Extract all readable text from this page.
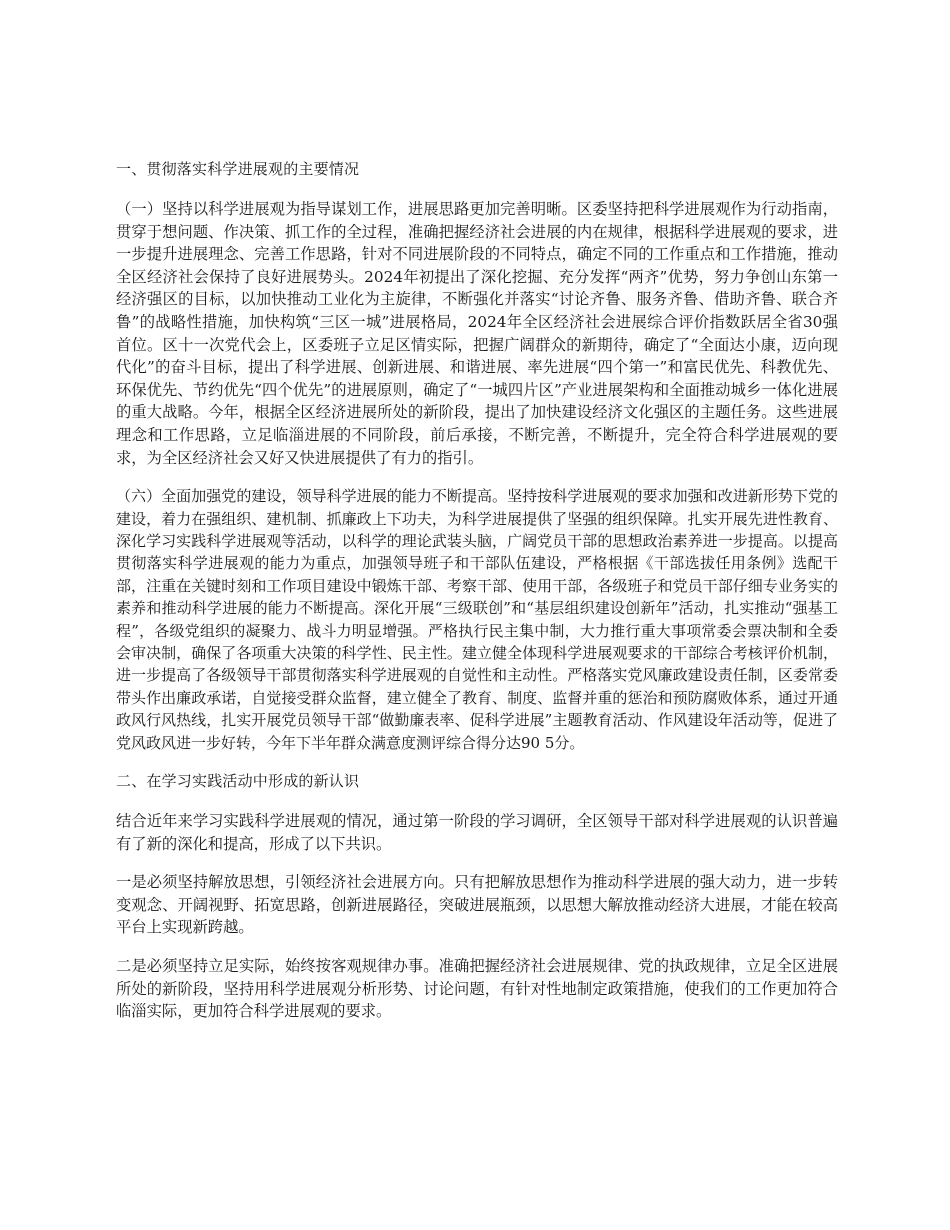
一、贯彻落实科学进展观的主要情况
（一）坚持以科学进展观为指导谋划工作，进展思路更加完善明晰。区委坚持把科学进展观作为行动指南，贯穿于想问题、作决策、抓工作的全过程，准确把握经济社会进展的内在规律，根据科学进展观的要求，进一步提升进展理念、完善工作思路，针对不同进展阶段的不同特点，确定不同的工作重点和工作措施，推动全区经济社会保持了良好进展势头。2024年初提出了深化挖掘、充分发挥“两齐”优势，努力争创山东第一经济强区的目标，以加快推动工业化为主旋律，不断强化并落实“讨论齐鲁、服务齐鲁、借助齐鲁、联合齐鲁”的战略性措施，加快构筑“三区一城”进展格局，2024年全区经济社会进展综合评价指数跃居全省30强首位。区十一次党代会上，区委班子立足区情实际，把握广阔群众的新期待，确定了“全面达小康，迈向现代化”的奋斗目标，提出了科学进展、创新进展、和谐进展、率先进展“四个第一”和富民优先、科教优先、环保优先、节约优先“四个优先”的进展原则，确定了“一城四片区”产业进展架构和全面推动城乡一体化进展的重大战略。今年，根据全区经济进展所处的新阶段，提出了加快建设经济文化强区的主题任务。这些进展理念和工作思路，立足临淄进展的不同阶段，前后承接，不断完善，不断提升，完全符合科学进展观的要求，为全区经济社会又好又快进展提供了有力的指引。
（六）全面加强党的建设，领导科学进展的能力不断提高。坚持按科学进展观的要求加强和改进新形势下党的建设，着力在强组织、建机制、抓廉政上下功夫，为科学进展提供了坚强的组织保障。扎实开展先进性教育、深化学习实践科学进展观等活动，以科学的理论武装头脑，广阔党员干部的思想政治素养进一步提高。以提高贯彻落实科学进展观的能力为重点，加强领导班子和干部队伍建设，严格根据《干部选拔任用条例》选配干部，注重在关键时刻和工作项目建设中锻炼干部、考察干部、使用干部，各级班子和党员干部仔细专业务实的素养和推动科学进展的能力不断提高。深化开展“三级联创”和“基层组织建设创新年”活动，扎实推动“强基工程”，各级党组织的凝聚力、战斗力明显增强。严格执行民主集中制，大力推行重大事项常委会票决制和全委会审决制，确保了各项重大决策的科学性、民主性。建立健全体现科学进展观要求的干部综合考核评价机制，进一步提高了各级领导干部贯彻落实科学进展观的自觉性和主动性。严格落实党风廉政建设责任制，区委常委带头作出廉政承诺，自觉接受群众监督，建立健全了教育、制度、监督并重的惩治和预防腐败体系，通过开通政风行风热线，扎实开展党员领导干部“做勤廉表率、促科学进展”主题教育活动、作风建设年活动等，促进了党风政风进一步好转，今年下半年群众满意度测评综合得分达90 5分。
二、在学习实践活动中形成的新认识
结合近年来学习实践科学进展观的情况，通过第一阶段的学习调研，全区领导干部对科学进展观的认识普遍有了新的深化和提高，形成了以下共识。
一是必须坚持解放思想，引领经济社会进展方向。只有把解放思想作为推动科学进展的强大动力，进一步转变观念、开阔视野、拓宽思路，创新进展路径，突破进展瓶颈，以思想大解放推动经济大进展，才能在较高平台上实现新跨越。
二是必须坚持立足实际，始终按客观规律办事。准确把握经济社会进展规律、党的执政规律，立足全区进展所处的新阶段，坚持用科学进展观分析形势、讨论问题，有针对性地制定政策措施，使我们的工作更加符合临淄实际，更加符合科学进展观的要求。
